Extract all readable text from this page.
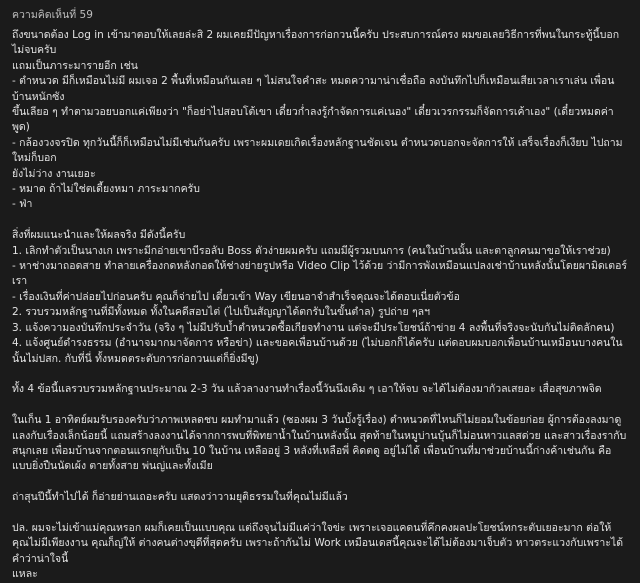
ความคิดเห็นที่ 59
ถึงขนาดต้อง Log in เข้ามาตอบให้เลยล่ะสิ 2 ผมเคยมีปัญหาเรื่องการก่อกวนนี้ครับ ประสบการณ์ตรง ผมขอเลยวิธีการที่พนในกระทู้นี้บอกไม่จบครับ
แถมเป็นภาระมารายอีก เช่น
- ตำหนวด มีก็เหมือนไม่มี ผมเจอ 2 พื้นที่เหมือนกันเลย ๆ ไม่สนใจคำสะ หมดความาน่าเชื่อถือ ลงบันทึกไปก็เหมือนเสียเวลาเราเล่น เพื่อนบ้านหนักซัง
ขึ้นเลียอ ๆ ทำตามวอยบอกแค่เพียงว่า "ก็อย่าไปสอบโต้เขา เดี๋ยวก่ำลงรู้กำจัดการแค่เนอง" เดี๋ยวเวรกรรมก็จัดการเค้าเอง" (เดี๋ยวหมดค่าพูด)
- กล้องวงจรปิด ทุกวันนี้ก็ก็เหมือนไม่มีเช่นกันครับ เพราะผมเดยเกิดเรื่องหลักฐานชัดเจน ตำหนวดบอกจะจัดการให้ เสร็จเรื่องก็เงียบ ไปถามใหม่ก็บอก
ยังไม่ว่าง งานเยอะ
- หมาด ถ้าไม่ใช่ตเดี้ยงหมา ภาระมากครับ
- ฟ่า
สิ่งที่ผมแนะนำและให้ผลจริง มีดังนี้ครับ
1. เลิกทำตัวเป็นนางเก เพราะมีกอ่ายเขาบีรอลับ Boss ตัวง่ายผมครับ แถมมีผู้รวมบนการ (คนในบ้านนั้น และตาลูกคนมาขอให้เราช่วย)
- หาช่างมาถอดสาย ทำลายเครื่องกดหลังกอดให้ช่างย่ายรูปหรือ Video Clip ไว้ด้วย ว่ามีการพังเหมือนแปลงเช่าบ้านหลังนั้นโดยผามิดเตอร์เรา
- เรื่องเงินที่ค่าปล่อยไปก่อนครับ คุณก็จ่ายไป เดี๋ยวเข้า Way เขียนอาจำสำเร็จคุณจะได้ตอบเนี่ยตัวข้อ
2. รวบรวมหลักฐานที่มีทั้งหมด ทั้งในคดีสอบไต่ (ไปเป็นสัญญาได้ตกรับในขั้นตำล) รูปถ่าย ๆลฯ
3. แจ้งความองบันทึกประจำวัน (จริง ๆ ไม่มีปรับบ้ำตำหนวดซื้อเกียจทำงาน แต่จะมีประโยชน์ถ้าข่าย 4 ลงพื้นที่จริงจะนับกันไม่ติดลักคน)
4. แจ้งศูนย์ดำรงธรรม (อำนาจมากมาจัดการ หรือข่า) และขอคเพื่อนบ้านด้วย (ไม่บอกก็ได้ครับ แต่ดอบผมบอกเพื่อนบ้านเหมือนบางคนในนั้นไม่ปสก. กับที่นี่ ทั้งหมดตระดับการก่อกวนแต่ก็ยิ่งมีขู)
ทั้ง 4 ข้อนี้แลรวบรวมหลักฐานประมาณ 2-3 วัน แล้วลางงานทำเรื่องนี้วันนึงเดิม ๆ เอาให้จบ จะได้ไม่ต้องมากัวลเสยอะ เสื่อสุขภาพจิด
ในเก็น 1 อาทิตย์ผมรับรองครับว่าภาพเหลดชบ ผมทำมาแล้ว (ซองผม 3 วันบั้งรู้เรื่อง) ตำหนวดที่ไหนก็ไม่ยอมในข้อยก่อย ผู้การต้องลงมาดูแลงกับเรื่องเล็กน้อยนี้ แถมสร้างลงงานได้จากการพบที่พิทยาน้ำในบ้านหลังนั้น สุดท้ายในหมูบ่านบุ้นก็ไม่อนหาวแลสด่วย และสาวเรื่องรากับสนุกเลย เพื่อมบ้านจากตอนแรกยุกับเป็น 10 ในบ้าน เหลืออยู่ 3 หลังที่เหลือพี่ คิดตดู อยู่ไม่ได้ เพื่อนบ้านที่มาช่วยบ้านนี้ก่างค้าเช่นกัน คือ แบบยิ่งปืนนัดเผ้ง ตายทั้งสาย พ่นญ่และทั้งเมีย
ถ่าสุนปีนี้ทำไปได้ ก็อ่ายย่านเถอะครับ แสดงว่าวามยุติธรรมในที่คุณไม่มีแล้ว
ปล. ผมจะไม่เข้าแม่คุณหรอก ผมก็เคยเป็นแบบคุณ แต่ถึงจุนไม่มีแค่ว่าใจข่ะ เพราะเจอแคดนที่คึกคงผลปะโยชน์ทกระตับเยอะมาก ต่อให้คุณไม่มีเพียงงาน คุณก็ญ่ให้ ต่างคนต่างขุดีที่สุดครับ เพราะถ้ากันไม่ Work เหมือนเดสนี้คุณจะได้ไม่ต้องมาเจ็บตัว หาวตระแวงกับเพราะได้คำว่าน่าใจนี้
แหละ
